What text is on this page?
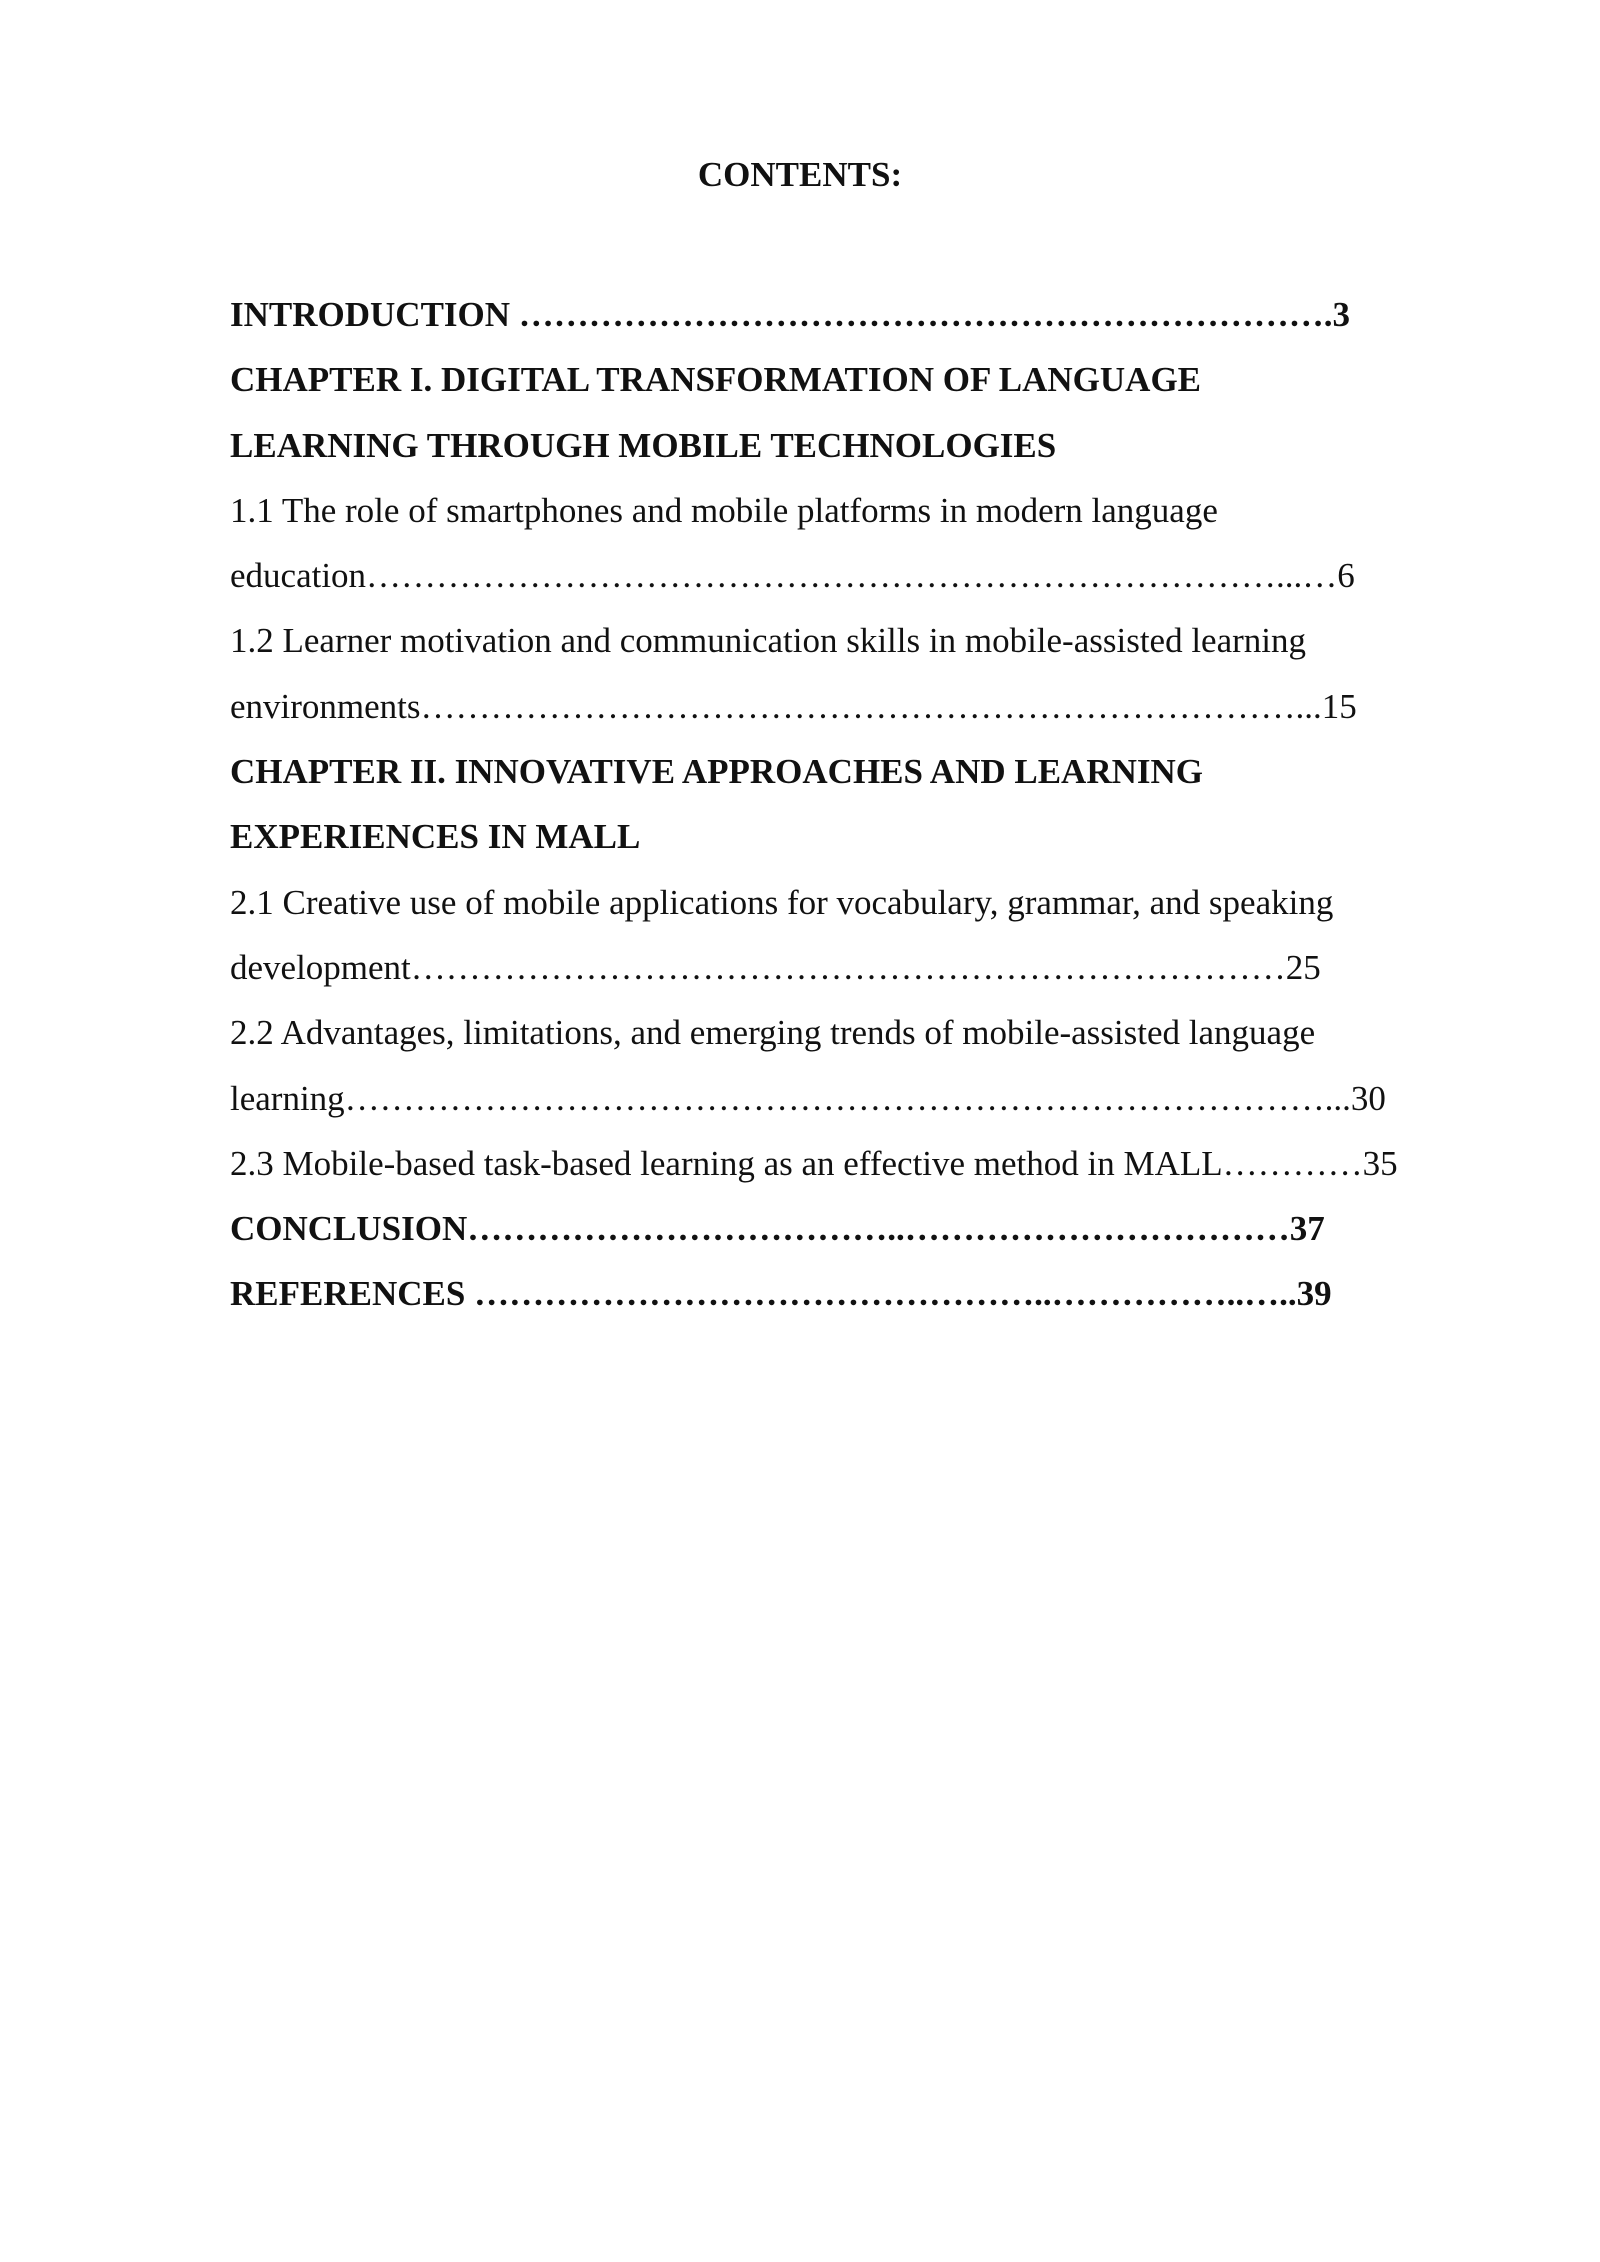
CONTENTS:
INTRODUCTION …………………………………………………………….3
CHAPTER I. DIGITAL TRANSFORMATION OF LANGUAGE
LEARNING THROUGH MOBILE TECHNOLOGIES
1.1 The role of smartphones and mobile platforms in modern language
education……………………………………………………………………...…6
1.2 Learner motivation and communication skills in mobile-assisted learning
environments…………………………………………………………………...15
CHAPTER II. INNOVATIVE APPROACHES AND LEARNING
EXPERIENCES IN MALL
2.1 Creative use of mobile applications for vocabulary, grammar, and speaking
development…………………………………………………………………25
2.2 Advantages, limitations, and emerging trends of mobile-assisted language
learning…………………………………………………………………………...30
2.3 Mobile-based task-based learning as an effective method in MALL…………35
CONCLUSION………………………………..……………………………37
REFERENCES …………………………………………..……………..…..39
